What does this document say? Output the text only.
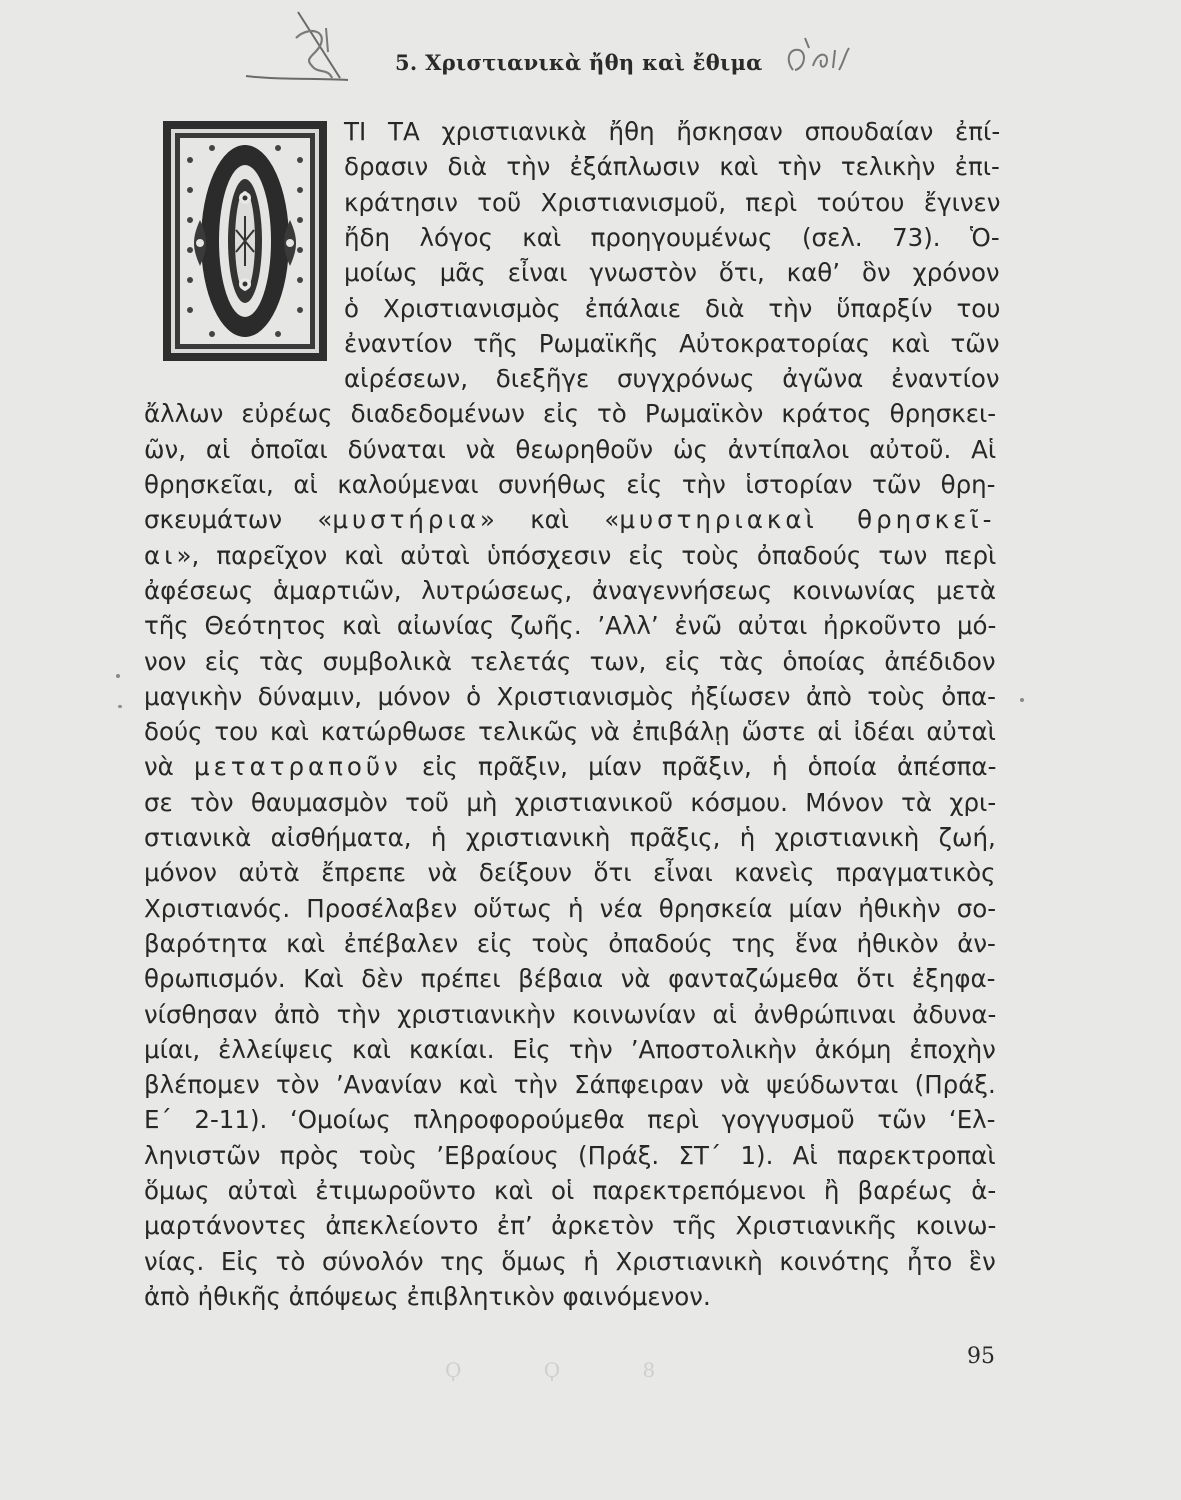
5. Χριστιανικὰ ἤθη καὶ ἔθιμα
ΤΙ ΤΑ χριστιανικὰ ἤθη ἤσκησαν σπουδαίαν ἐπί-
δρασιν διὰ τὴν ἐξάπλωσιν καὶ τὴν τελικὴν ἐπι-
κράτησιν τοῦ Χριστιανισμοῦ, περὶ τούτου ἔγινεν
ἤδη λόγος καὶ προηγουμένως (σελ. 73). Ὁ-
μοίως μᾶς εἶναι γνωστὸν ὅτι, καθ’ ὃν χρόνον
ὁ Χριστιανισμὸς ἐπάλαιε διὰ τὴν ὕπαρξίν του
ἐναντίον τῆς Ρωμαϊκῆς Αὐτοκρατορίας καὶ τῶν
αἱρέσεων, διεξῆγε συγχρόνως ἀγῶνα ἐναντίον
ἄλλων εὐρέως διαδεδομένων εἰς τὸ Ρωμαϊκὸν κράτος θρησκει-
ῶν, αἱ ὁποῖαι δύναται νὰ θεωρηθοῦν ὡς ἀντίπαλοι αὐτοῦ. Αἱ
θρησκεῖαι, αἱ καλούμεναι συνήθως εἰς τὴν ἱστορίαν τῶν θρη-
σκευμάτων «μυστήρια» καὶ «μυστηριακαὶ θρησκεῖ-
αι», παρεῖχον καὶ αὐταὶ ὑπόσχεσιν εἰς τοὺς ὀπαδούς των περὶ
ἀφέσεως ἁμαρτιῶν, λυτρώσεως, ἀναγεννήσεως κοινωνίας μετὰ
τῆς Θεότητος καὶ αἰωνίας ζωῆς. ’Αλλ’ ἐνῶ αὐται ἠρκοῦντο μό-
νον εἰς τὰς συμβολικὰ τελετάς των, εἰς τὰς ὁποίας ἀπέδιδον
μαγικὴν δύναμιν, μόνον ὁ Χριστιανισμὸς ἠξίωσεν ἀπὸ τοὺς ὀπα-
δούς του καὶ κατώρθωσε τελικῶς νὰ ἐπιβάλῃ ὥστε αἱ ἰδέαι αὐταὶ
νὰ μετατραποῦν εἰς πρᾶξιν, μίαν πρᾶξιν, ἡ ὁποία ἀπέσπα-
σε τὸν θαυμασμὸν τοῦ μὴ χριστιανικοῦ κόσμου. Μόνον τὰ χρι-
στιανικὰ αἰσθήματα, ἡ χριστιανικὴ πρᾶξις, ἡ χριστιανικὴ ζωή,
μόνον αὐτὰ ἔπρεπε νὰ δείξουν ὅτι εἶναι κανεὶς πραγματικὸς
Χριστιανός. Προσέλαβεν οὕτως ἡ νέα θρησκεία μίαν ἠθικὴν σο-
βαρότητα καὶ ἐπέβαλεν εἰς τοὺς ὀπαδούς της ἕνα ἠθικὸν ἀν-
θρωπισμόν. Καὶ δὲν πρέπει βέβαια νὰ φανταζώμεθα ὅτι ἐξηφα-
νίσθησαν ἀπὸ τὴν χριστιανικὴν κοινωνίαν αἱ ἀνθρώπιναι ἀδυνα-
μίαι, ἐλλείψεις καὶ κακίαι. Εἰς τὴν ’Αποστολικὴν ἀκόμη ἐποχὴν
βλέπομεν τὸν ’Ανανίαν καὶ τὴν Σάπφειραν νὰ ψεύδωνται (Πράξ.
Ε΄ 2-11). ‘Ομοίως πληροφορούμεθα περὶ γογγυσμοῦ τῶν ‘Ελ-
ληνιστῶν πρὸς τοὺς ’Εβραίους (Πράξ. ΣΤ΄ 1). Αἱ παρεκτροπαὶ
ὅμως αὐταὶ ἐτιμωροῦντο καὶ οἱ παρεκτρεπόμενοι ἢ βαρέως ἁ-
μαρτάνοντες ἀπεκλείοντο ἐπ’ ἀρκετὸν τῆς Χριστιανικῆς κοινω-
νίας. Εἰς τὸ σύνολόν της ὅμως ἡ Χριστιανικὴ κοινότης ἦτο ἓν
ἀπὸ ἠθικῆς ἀπόψεως ἐπιβλητικὸν φαινόμενον.
Ϙ Ϙ 8
95
